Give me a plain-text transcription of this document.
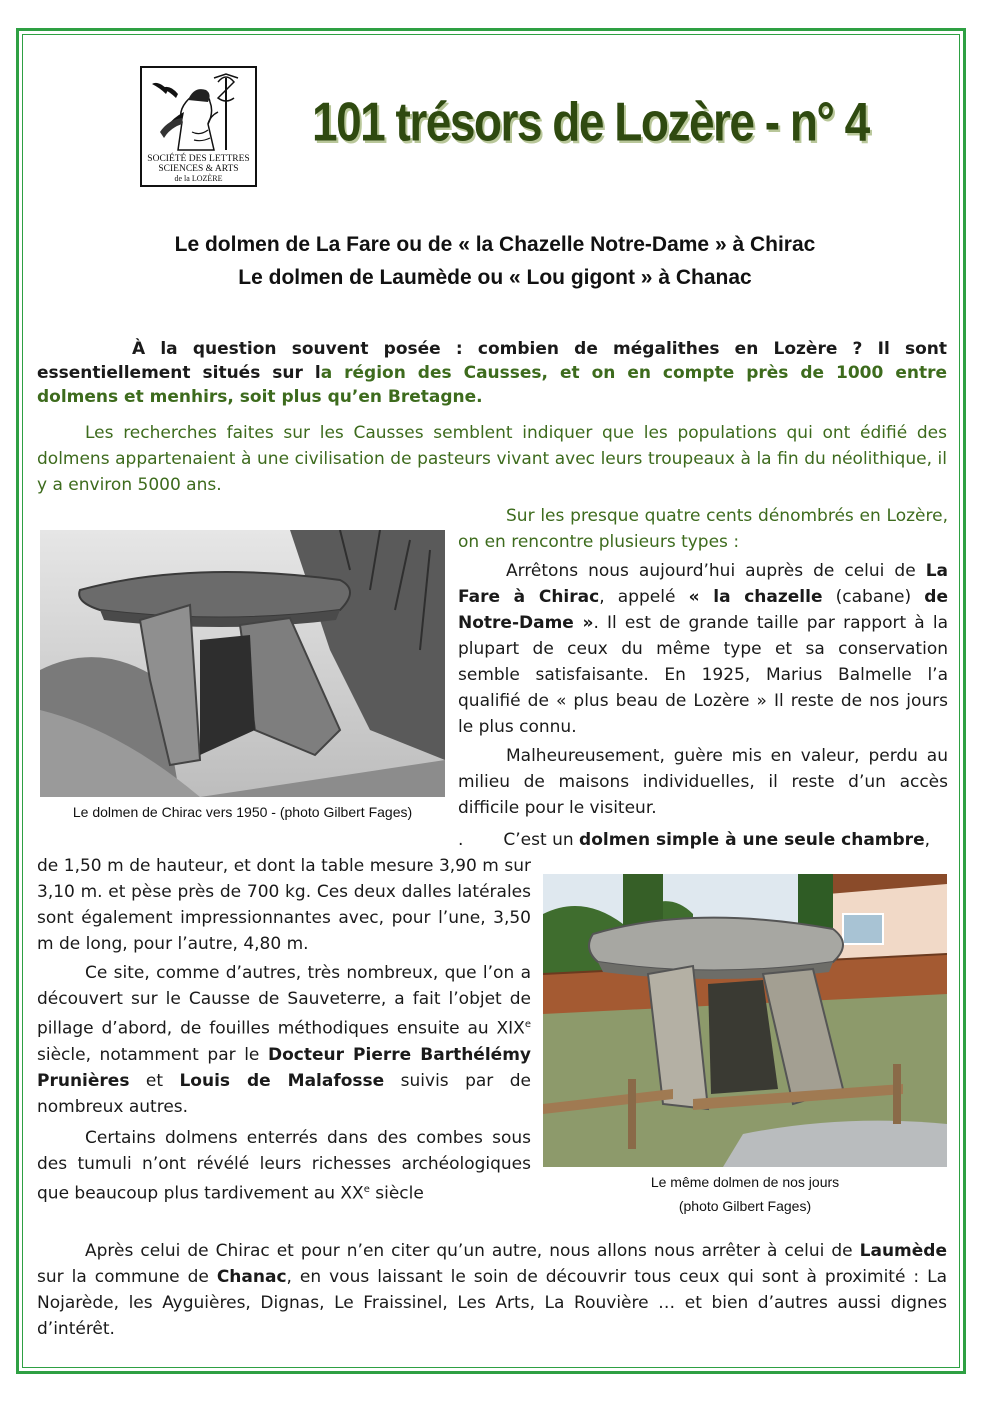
SOCIÉTÉ DES LETTRES
SCIENCES & ARTS
de la LOZÈRE
101 trésors de Lozère - n° 4
Le dolmen de La Fare ou de « la Chazelle Notre-Dame » à Chirac
Le dolmen de Laumède ou « Lou gigont » à Chanac

À la question souvent posée : combien de mégalithes en Lozère ? Il sont essentiellement situés sur la région des Causses, et on en compte près de 1000 entre dolmens et menhirs, soit plus qu’en Bretagne.

Les recherches faites sur les Causses semblent indiquer que les populations qui ont édifié des dolmens appartenaient à une civilisation de pasteurs vivant avec leurs troupeaux à la fin du néolithique, il y a environ 5000 ans.

Le dolmen de Chirac vers 1950 - (photo Gilbert Fages)

Sur les presque quatre cents dénombrés en Lozère, on en rencontre plusieurs types :

Arrêtons nous aujourd’hui auprès de celui de La Fare à Chirac, appelé « la chazelle (cabane) de Notre-Dame ». Il est de grande taille par rapport à la plupart de ceux du même type et sa conservation semble satisfaisante. En 1925, Marius Balmelle l’a qualifié de « plus beau de Lozère » Il reste de nos jours le plus connu.

Malheureusement, guère mis en valeur, perdu au milieu de maisons individuelles, il reste d’un accès difficile pour le visiteur.

. C’est un dolmen simple à une seule chambre,

de 1,50 m de hauteur, et dont la table mesure 3,90 m sur 3,10 m. et pèse près de 700 kg. Ces deux dalles latérales sont également impressionnantes avec, pour l’une, 3,50 m de long, pour l’autre, 4,80 m.

Ce site, comme d’autres, très nombreux, que l’on a découvert sur le Causse de Sauveterre, a fait l’objet de pillage d’abord, de fouilles méthodiques ensuite au XIXe siècle, notamment par le Docteur Pierre Barthélémy Prunières et Louis de Malafosse suivis par de nombreux autres.

Certains dolmens enterrés dans des combes sous des tumuli n’ont révélé leurs richesses archéologiques que beaucoup plus tardivement au XXe siècle

Le même dolmen de nos jours
(photo Gilbert Fages)

Après celui de Chirac et pour n’en citer qu’un autre, nous allons nous arrêter à celui de Laumède sur la commune de Chanac, en vous laissant le soin de découvrir tous ceux qui sont à proximité : La Nojarède, les Ayguières, Dignas, Le Fraissinel, Les Arts, La Rouvière … et bien d’autres aussi dignes d’intérêt.
